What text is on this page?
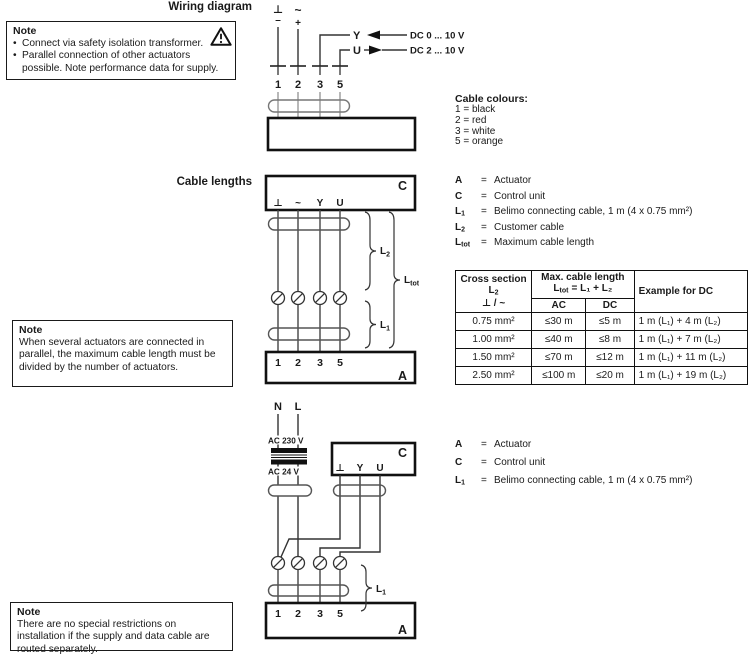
Wiring diagram
Cable lengths
Note
• Connect via safety isolation transformer.
• Parallel connection of other actuators possible. Note performance data for supply.
⊥
–
~
+
Y	DC 0 ... 10 V
U	DC 2 ... 10 V
1 2 3 5
Cable colours:
1 = black
2 = red
3 = white
5 = orange
C
⊥ ~ Y U
1 2 3 5
A
$L_2$
$L_1$
$L_{tot}$
A	= Actuator
C	= Control unit
$L_1$	= Belimo connecting cable, 1 m (4 x 0.75 mm²)
$L_2$	= Customer cable
$L_{tot}$	= Maximum cable length
Cross section
$L_2$
⊥ / ~

Max. cable length
$L_{tot} = L_1 + L_2$	Example for DC

	AC	DC	
0.75 mm²	≤30 m	≤5 m	1 m (L₁) + 4 m (L₂)
1.00 mm²	≤40 m	≤8 m	1 m (L₁) + 7 m (L₂)
1.50 mm²	≤70 m	≤12 m	1 m (L₁) + 11 m (L₂)
2.50 mm²	≤100 m	≤20 m	1 m (L₁) + 19 m (L₂)
Note
When several actuators are connected in parallel, the maximum cable length must be divided by the number of actuators.
N L
AC 230 V
AC 24 V
C
⊥ Y U
1 2 3 5
A
$L_1$
A	= Actuator
C	= Control unit
$L_1$	= Belimo connecting cable, 1 m (4 x 0.75 mm²)
Note
There are no special restrictions on installation if the supply and data cable are routed separately.
